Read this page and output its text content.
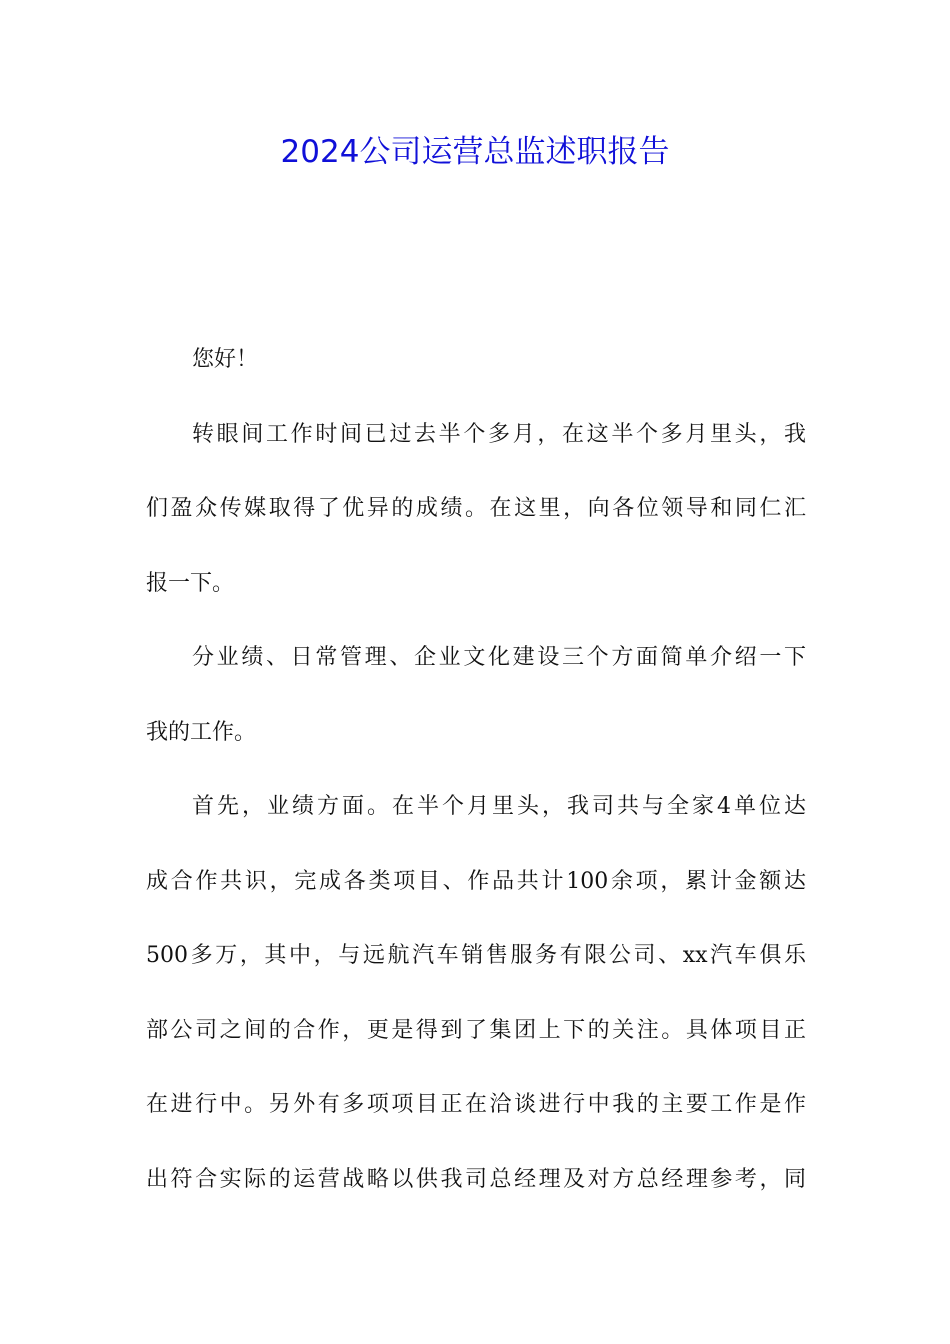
2024公司运营总监述职报告
您好！
转眼间工作时间已过去半个多月，在这半个多月里头，我
们盈众传媒取得了优异的成绩。在这里，向各位领导和同仁汇
报一下。
分业绩、日常管理、企业文化建设三个方面简单介绍一下
我的工作。
首先，业绩方面。在半个月里头，我司共与全家4单位达
成合作共识，完成各类项目、作品共计100余项，累计金额达
500多万，其中，与远航汽车销售服务有限公司、xx汽车俱乐
部公司之间的合作，更是得到了集团上下的关注。具体项目正
在进行中。另外有多项项目正在洽谈进行中我的主要工作是作
出符合实际的运营战略以供我司总经理及对方总经理参考，同
